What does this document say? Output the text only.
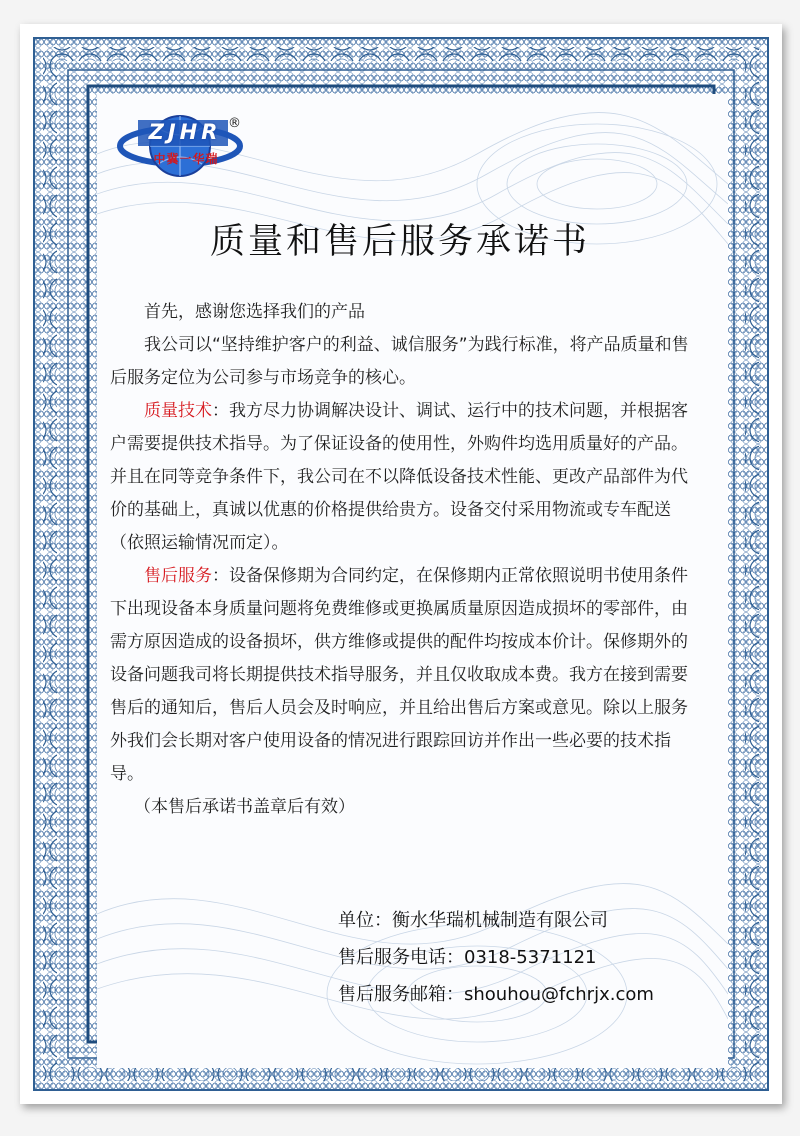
ZJHR
中冀一华瑞
®
质量和售后服务承诺书

首先，感谢您选择我们的产品

我公司以“坚持维护客户的利益、诚信服务”为践行标准，将产品质量和售后服务定位为公司参与市场竞争的核心。

质量技术：我方尽力协调解决设计、调试、运行中的技术问题，并根据客户需要提供技术指导。为了保证设备的使用性，外购件均选用质量好的产品。并且在同等竞争条件下，我公司在不以降低设备技术性能、更改产品部件为代价的基础上，真诚以优惠的价格提供给贵方。设备交付采用物流或专车配送（依照运输情况而定）。

售后服务：设备保修期为合同约定，在保修期内正常依照说明书使用条件下出现设备本身质量问题将免费维修或更换属质量原因造成损坏的零部件，由需方原因造成的设备损坏，供方维修或提供的配件均按成本价计。保修期外的设备问题我司将长期提供技术指导服务，并且仅收取成本费。我方在接到需要售后的通知后，售后人员会及时响应，并且给出售后方案或意见。除以上服务外我们会长期对客户使用设备的情况进行跟踪回访并作出一些必要的技术指导。

（本售后承诺书盖章后有效）

单位：衡水华瑞机械制造有限公司
售后服务电话：0318-5371121
售后服务邮箱：shouhou@fchrjx.com
